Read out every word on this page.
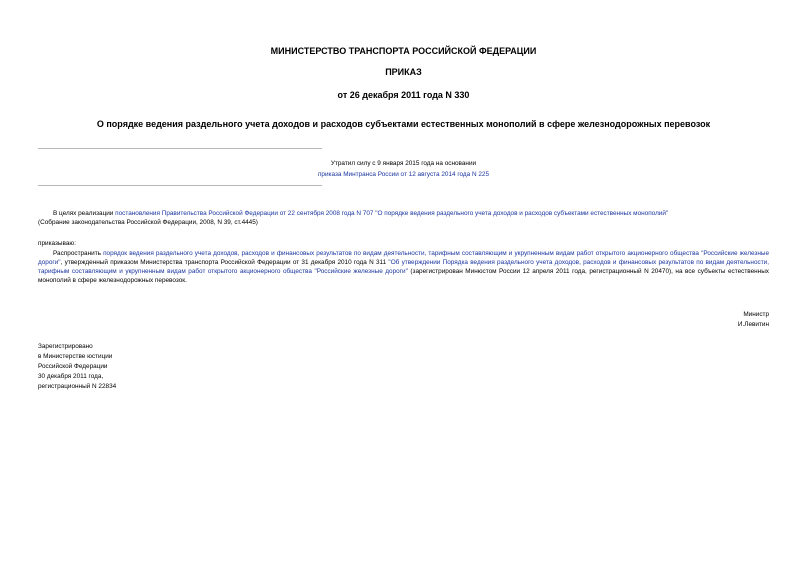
МИНИСТЕРСТВО ТРАНСПОРТА РОССИЙСКОЙ ФЕДЕРАЦИИ
ПРИКАЗ
от 26 декабря 2011 года N 330
О порядке ведения раздельного учета доходов и расходов субъектами естественных монополий в сфере железнодорожных перевозок
Утратил силу с 9 января 2015 года на основании
приказа Минтранса России от 12 августа 2014 года N 225
В целях реализации постановления Правительства Российской Федерации от 22 сентября 2008 года N 707 "О порядке ведения раздельного учета доходов и расходов субъектами естественных монополий"
(Собрание законодательства Российской Федерации, 2008, N 39, ст.4445)
приказываю:
Распространить порядок ведения раздельного учета доходов, расходов и финансовых результатов по видам деятельности, тарифным составляющим и укрупненным видам работ открытого акционерного общества "Российские железные дороги", утвержденный приказом Министерства транспорта Российской Федерации от 31 декабря 2010 года N 311 "Об утверждении Порядка ведения раздельного учета доходов, расходов и финансовых результатов по видам деятельности, тарифным составляющим и укрупненным видам работ открытого акционерного общества "Российские железные дороги" (зарегистрирован Минюстом России 12 апреля 2011 года, регистрационный N 20470), на все субъекты естественных монополий в сфере железнодорожных перевозок.
Министр
И.Левитин
Зарегистрировано
в Министерстве юстиции
Российской Федерации
30 декабря 2011 года,
регистрационный N 22834
